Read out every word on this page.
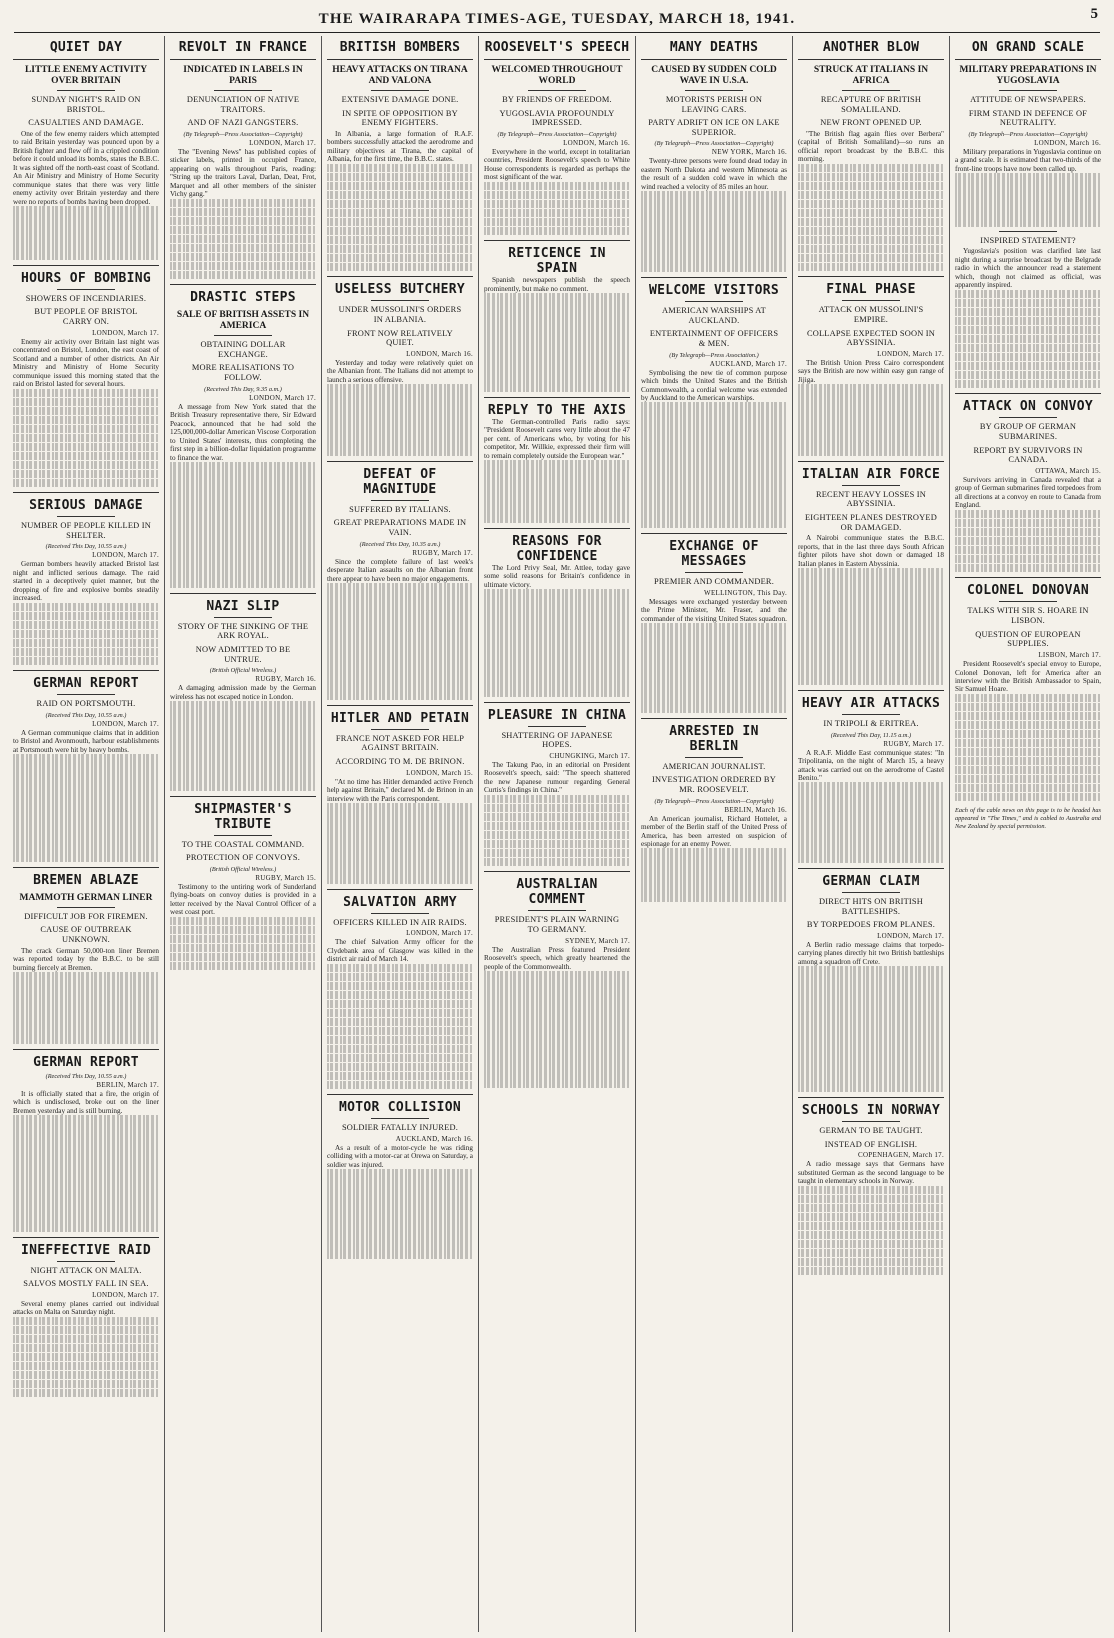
THE WAIRARAPA TIMES-AGE, TUESDAY, MARCH 18, 1941.	5
QUIET DAY
LITTLE ENEMY ACTIVITY OVER BRITAIN
SUNDAY NIGHT'S RAID ON BRISTOL.
CASUALTIES AND DAMAGE.

One of the few enemy raiders which attempted to raid Britain yesterday was pounced upon by a British fighter and flew off in a crippled condition before it could unload its bombs, states the B.B.C. It was sighted off the north-east coast of Scotland. An Air Ministry and Ministry of Home Security communique states that there was very little enemy activity over Britain yesterday and there were no reports of bombs having been dropped.

HOURS OF BOMBING
SHOWERS OF INCENDIARIES.
BUT PEOPLE OF BRISTOL CARRY ON.
LONDON, March 17.

Enemy air activity over Britain last night was concentrated on Bristol, London, the east coast of Scotland and a number of other districts. An Air Ministry and Ministry of Home Security communique issued this morning stated that the raid on Bristol lasted for several hours.

SERIOUS DAMAGE
NUMBER OF PEOPLE KILLED IN SHELTER.
(Received This Day, 10.55 a.m.)
LONDON, March 17.

German bombers heavily attacked Bristol last night and inflicted serious damage. The raid started in a deceptively quiet manner, but the dropping of fire and explosive bombs steadily increased.

GERMAN REPORT
RAID ON PORTSMOUTH.
(Received This Day, 10.55 a.m.)
LONDON, March 17.

A German communique claims that in addition to Bristol and Avonmouth, harbour establishments at Portsmouth were hit by heavy bombs.

BREMEN ABLAZE
MAMMOTH GERMAN LINER
DIFFICULT JOB FOR FIREMEN.
CAUSE OF OUTBREAK UNKNOWN.

The crack German 50,000-ton liner Bremen was reported today by the B.B.C. to be still burning fiercely at Bremen.

GERMAN REPORT
(Received This Day, 10.55 a.m.)
BERLIN, March 17.

It is officially stated that a fire, the origin of which is undisclosed, broke out on the liner Bremen yesterday and is still burning.

INEFFECTIVE RAID
NIGHT ATTACK ON MALTA.
SALVOS MOSTLY FALL IN SEA.
LONDON, March 17.

Several enemy planes carried out individual attacks on Malta on Saturday night.

REVOLT IN FRANCE
INDICATED IN LABELS IN PARIS
DENUNCIATION OF NATIVE TRAITORS.
AND OF NAZI GANGSTERS.
(By Telegraph—Press Association—Copyright)
LONDON, March 17.

The "Evening News" has published copies of sticker labels, printed in occupied France, appearing on walls throughout Paris, reading: "String up the traitors Laval, Darlan, Deat, Frot, Marquet and all other members of the sinister Vichy gang."

DRASTIC STEPS
SALE OF BRITISH ASSETS IN AMERICA
OBTAINING DOLLAR EXCHANGE.
MORE REALISATIONS TO FOLLOW.
(Received This Day, 9.35 a.m.)
LONDON, March 17.

A message from New York stated that the British Treasury representative there, Sir Edward Peacock, announced that he had sold the 125,000,000-dollar American Viscose Corporation to United States' interests, thus completing the first step in a billion-dollar liquidation programme to finance the war.

NAZI SLIP
STORY OF THE SINKING OF THE ARK ROYAL.
NOW ADMITTED TO BE UNTRUE.
(British Official Wireless.)
RUGBY, March 16.

A damaging admission made by the German wireless has not escaped notice in London.

SHIPMASTER'S TRIBUTE
TO THE COASTAL COMMAND.
PROTECTION OF CONVOYS.
(British Official Wireless.)
RUGBY, March 15.

Testimony to the untiring work of Sunderland flying-boats on convoy duties is provided in a letter received by the Naval Control Officer of a west coast port.

BRITISH BOMBERS
HEAVY ATTACKS ON TIRANA AND VALONA
EXTENSIVE DAMAGE DONE.
IN SPITE OF OPPOSITION BY ENEMY FIGHTERS.

In Albania, a large formation of R.A.F. bombers successfully attacked the aerodrome and military objectives at Tirana, the capital of Albania, for the first time, the B.B.C. states.

USELESS BUTCHERY
UNDER MUSSOLINI'S ORDERS IN ALBANIA.
FRONT NOW RELATIVELY QUIET.
LONDON, March 16.

Yesterday and today were relatively quiet on the Albanian front. The Italians did not attempt to launch a serious offensive.

DEFEAT OF MAGNITUDE
SUFFERED BY ITALIANS.
GREAT PREPARATIONS MADE IN VAIN.
(Received This Day, 10.35 a.m.)
RUGBY, March 17.

Since the complete failure of last week's desperate Italian assaults on the Albanian front there appear to have been no major engagements.

HITLER AND PETAIN
FRANCE NOT ASKED FOR HELP AGAINST BRITAIN.
ACCORDING TO M. DE BRINON.
LONDON, March 15.

"At no time has Hitler demanded active French help against Britain," declared M. de Brinon in an interview with the Paris correspondent.

SALVATION ARMY
OFFICERS KILLED IN AIR RAIDS.
LONDON, March 17.

The chief Salvation Army officer for the Clydebank area of Glasgow was killed in the district air raid of March 14.

MOTOR COLLISION
SOLDIER FATALLY INJURED.
AUCKLAND, March 16.

As a result of a motor-cycle he was riding colliding with a motor-car at Orewa on Saturday, a soldier was injured.

ROOSEVELT'S SPEECH
WELCOMED THROUGHOUT WORLD
BY FRIENDS OF FREEDOM.
YUGOSLAVIA PROFOUNDLY IMPRESSED.
(By Telegraph—Press Association—Copyright)
LONDON, March 16.

Everywhere in the world, except in totalitarian countries, President Roosevelt's speech to White House correspondents is regarded as perhaps the most significant of the war.

RETICENCE IN SPAIN

Spanish newspapers publish the speech prominently, but make no comment.

REPLY TO THE AXIS

The German-controlled Paris radio says: "President Roosevelt cares very little about the 47 per cent. of Americans who, by voting for his competitor, Mr. Willkie, expressed their firm will to remain completely outside the European war."

REASONS FOR CONFIDENCE

The Lord Privy Seal, Mr. Attlee, today gave some solid reasons for Britain's confidence in ultimate victory.

PLEASURE IN CHINA
SHATTERING OF JAPANESE HOPES.
CHUNGKING, March 17.

The Takung Pao, in an editorial on President Roosevelt's speech, said: "The speech shattered the new Japanese rumour regarding General Curtis's findings in China."

AUSTRALIAN COMMENT
PRESIDENT'S PLAIN WARNING TO GERMANY.
SYDNEY, March 17.

The Australian Press featured President Roosevelt's speech, which greatly heartened the people of the Commonwealth.

MANY DEATHS
CAUSED BY SUDDEN COLD WAVE IN U.S.A.
MOTORISTS PERISH ON LEAVING CARS.
PARTY ADRIFT ON ICE ON LAKE SUPERIOR.
(By Telegraph—Press Association—Copyright)
NEW YORK, March 16.

Twenty-three persons were found dead today in eastern North Dakota and western Minnesota as the result of a sudden cold wave in which the wind reached a velocity of 85 miles an hour.

WELCOME VISITORS
AMERICAN WARSHIPS AT AUCKLAND.
ENTERTAINMENT OF OFFICERS & MEN.
(By Telegraph—Press Association.)
AUCKLAND, March 17.

Symbolising the new tie of common purpose which binds the United States and the British Commonwealth, a cordial welcome was extended by Auckland to the American warships.

EXCHANGE OF MESSAGES
PREMIER AND COMMANDER.
WELLINGTON, This Day.

Messages were exchanged yesterday between the Prime Minister, Mr. Fraser, and the commander of the visiting United States squadron.

ARRESTED IN BERLIN
AMERICAN JOURNALIST.
INVESTIGATION ORDERED BY MR. ROOSEVELT.
(By Telegraph—Press Association—Copyright)
BERLIN, March 16.

An American journalist, Richard Hottelet, a member of the Berlin staff of the United Press of America, has been arrested on suspicion of espionage for an enemy Power.

ANOTHER BLOW
STRUCK AT ITALIANS IN AFRICA
RECAPTURE OF BRITISH SOMALILAND.
NEW FRONT OPENED UP.

"The British flag again flies over Berbera" (capital of British Somaliland)—so runs an official report broadcast by the B.B.C. this morning.

FINAL PHASE
ATTACK ON MUSSOLINI'S EMPIRE.
COLLAPSE EXPECTED SOON IN ABYSSINIA.
LONDON, March 17.

The British Union Press Cairo correspondent says the British are now within easy gun range of Jijiga.

ITALIAN AIR FORCE
RECENT HEAVY LOSSES IN ABYSSINIA.
EIGHTEEN PLANES DESTROYED OR DAMAGED.

A Nairobi communique states the B.B.C. reports, that in the last three days South African fighter pilots have shot down or damaged 18 Italian planes in Eastern Abyssinia.

HEAVY AIR ATTACKS
IN TRIPOLI & ERITREA.
(Received This Day, 11.15 a.m.)
RUGBY, March 17.

A R.A.F. Middle East communique states: "In Tripolitania, on the night of March 15, a heavy attack was carried out on the aerodrome of Castel Benito."

GERMAN CLAIM
DIRECT HITS ON BRITISH BATTLESHIPS.
BY TORPEDOES FROM PLANES.
LONDON, March 17.

A Berlin radio message claims that torpedo-carrying planes directly hit two British battleships among a squadron off Crete.

SCHOOLS IN NORWAY
GERMAN TO BE TAUGHT.
INSTEAD OF ENGLISH.
COPENHAGEN, March 17.

A radio message says that Germans have substituted German as the second language to be taught in elementary schools in Norway.

ON GRAND SCALE
MILITARY PREPARATIONS IN YUGOSLAVIA
ATTITUDE OF NEWSPAPERS.
FIRM STAND IN DEFENCE OF NEUTRALITY.
(By Telegraph—Press Association—Copyright)
LONDON, March 16.

Military preparations in Yugoslavia continue on a grand scale. It is estimated that two-thirds of the front-line troops have now been called up.

INSPIRED STATEMENT?

Yugoslavia's position was clarified late last night during a surprise broadcast by the Belgrade radio in which the announcer read a statement which, though not claimed as official, was apparently inspired.

ATTACK ON CONVOY
BY GROUP OF GERMAN SUBMARINES.
REPORT BY SURVIVORS IN CANADA.
OTTAWA, March 15.

Survivors arriving in Canada revealed that a group of German submarines fired torpedoes from all directions at a convoy en route to Canada from England.

COLONEL DONOVAN
TALKS WITH SIR S. HOARE IN LISBON.
QUESTION OF EUROPEAN SUPPLIES.
LISBON, March 17.

President Roosevelt's special envoy to Europe, Colonel Donovan, left for America after an interview with the British Ambassador to Spain, Sir Samuel Hoare.

Each of the cable news on this page is to be headed has appeared in "The Times," and is cabled to Australia and New Zealand by special permission.
